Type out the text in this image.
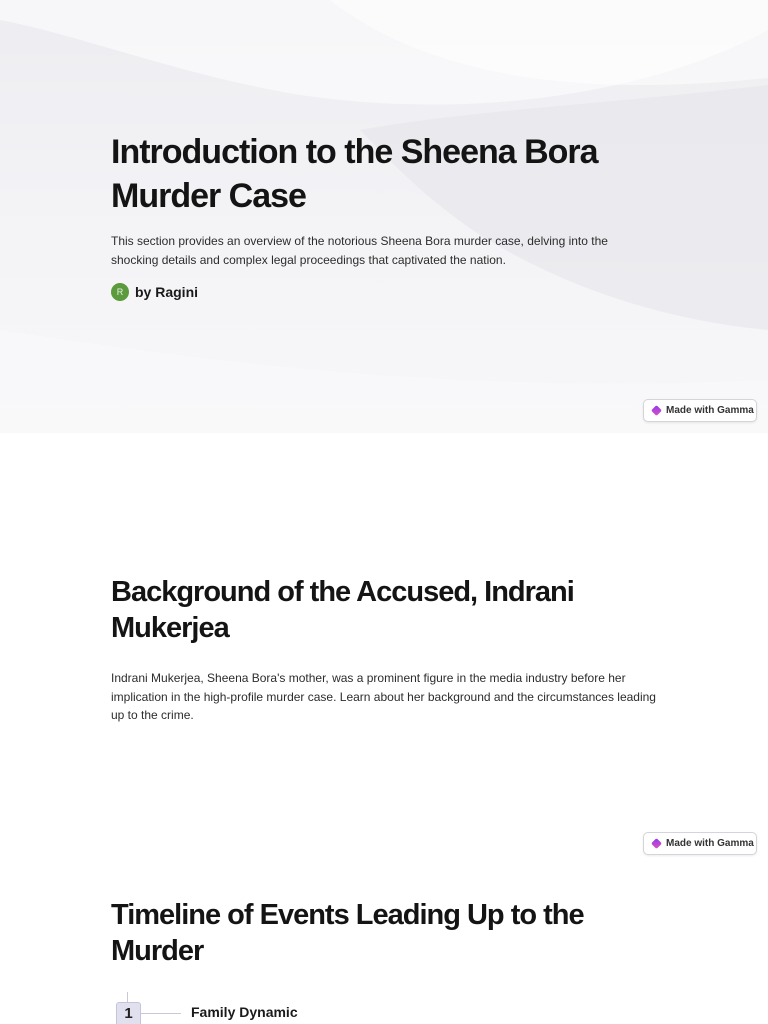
Introduction to the Sheena Bora Murder Case

This section provides an overview of the notorious Sheena Bora murder case, delving into the shocking details and complex legal proceedings that captivated the nation.

R by Ragini
Made with Gamma
Background of the Accused, Indrani Mukerjea

Indrani Mukerjea, Sheena Bora's mother, was a prominent figure in the media industry before her implication in the high-profile murder case. Learn about her background and the circumstances leading up to the crime.

Made with Gamma
Timeline of Events Leading Up to the Murder
1	Family Dynamic
